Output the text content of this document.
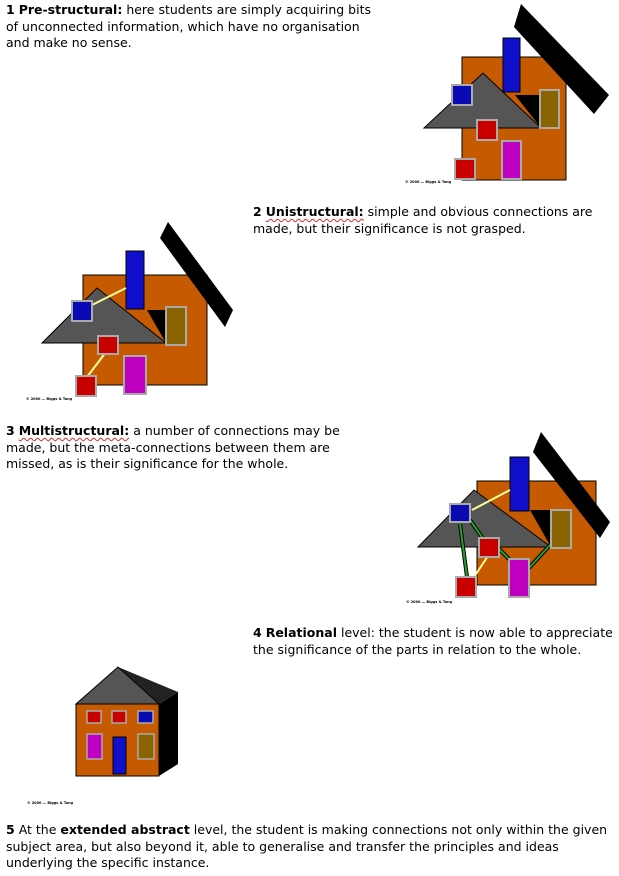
1 Pre-structural: here students are simply acquiring bits of unconnected information, which have no organisation and make no sense.
2 Unistructural: simple and obvious connections are made, but their significance is not grasped.
3 Multistructural: a number of connections may be made, but the meta-connections between them are missed, as is their significance for the whole.
4 Relational level: the student is now able to appreciate the significance of the parts in relation to the whole.
5 At the extended abstract level, the student is making connections not only within the given subject area, but also beyond it, able to generalise and transfer the principles and ideas underlying the specific instance.
© 2000 — Biggs & Tang
© 2000 — Biggs & Tang
© 2000 — Biggs & Tang
© 2000 — Biggs & Tang
